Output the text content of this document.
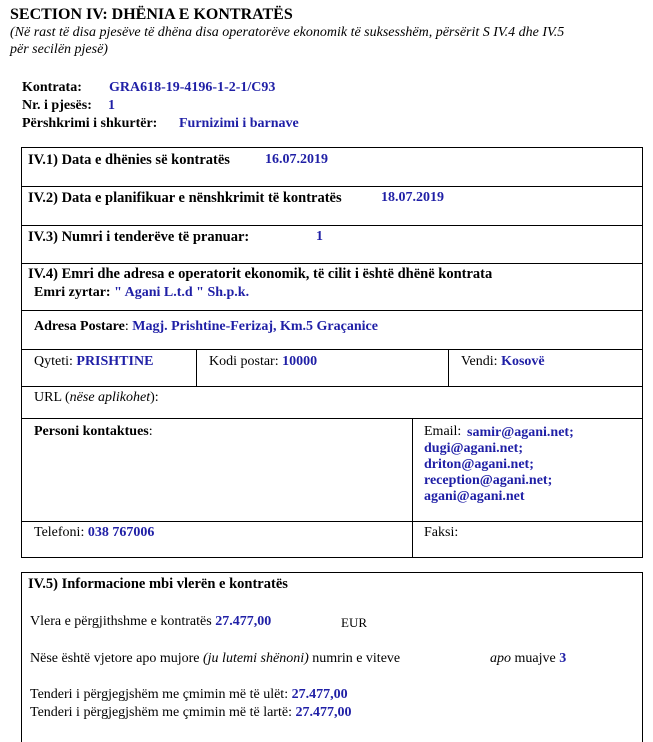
SECTION IV: DHËNIA E KONTRATËS
(Në rast të disa pjesëve të dhëna disa operatorëve ekonomik të suksesshëm, përsërit S IV.4 dhe IV.5
për secilën pjesë)
Kontrata: GRA618-19-4196-1-2-1/C93
Nr. i pjesës: 1
Përshkrimi i shkurtër: Furnizimi i barnave
IV.1) Data e dhënies së kontratës	16.07.2019
IV.2) Data e planifikuar e nënshkrimit të kontratës	18.07.2019
IV.3) Numri i tenderëve të pranuar:	1
IV.4) Emri dhe adresa e operatorit ekonomik, të cilit i është dhënë kontrata
Emri zyrtar: " Agani L.t.d " Sh.p.k.
Adresa Postare: Magj. Prishtine-Ferizaj, Km.5 Graçanice
Qyteti: PRISHTINE	Kodi postar: 10000	Vendi: Kosovë
URL (nëse aplikohet):
Personi kontaktues:	Email: samir@agani.net;
dugi@agani.net;
driton@agani.net;
reception@agani.net;
agani@agani.net
Telefoni: 038 767006	Faksi:
IV.5) Informacione mbi vlerën e kontratës
Vlera e përgjithshme e kontratës 27.477,00	EUR
Nëse është vjetore apo mujore (ju lutemi shënoni) numrin e viteve	apo muajve 3
Tenderi i përgjegjshëm me çmimin më të ulët: 27.477,00
Tenderi i përgjegjshëm me çmimin më të lartë: 27.477,00
